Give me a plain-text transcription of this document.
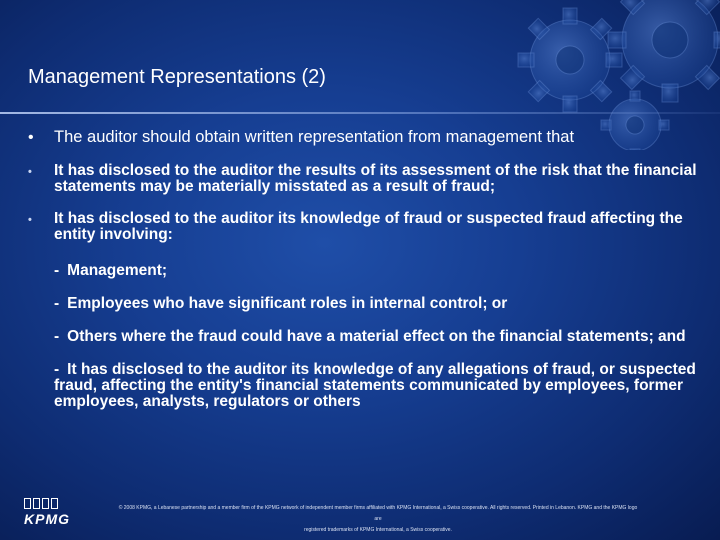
Management Representations (2)
• The auditor should obtain written representation from management that
• It has disclosed to the auditor the results of its assessment of the risk that the financial statements may be materially misstated as a result of fraud;
• It has disclosed to the auditor its knowledge of fraud or suspected fraud affecting the entity involving:
- Management;
- Employees who have significant roles in internal control; or
- Others where the fraud could have a material effect on the financial statements; and
- It has disclosed to the auditor its knowledge of any allegations of fraud, or suspected fraud, affecting the entity's financial statements communicated by employees, former employees, analysts, regulators or others
KPMG
© 2008 KPMG, a Lebanese partnership and a member firm of the KPMG network of independent member firms affiliated with KPMG International, a Swiss cooperative. All rights reserved. Printed in Lebanon. KPMG and the KPMG logo are
registered trademarks of KPMG International, a Swiss cooperative.
